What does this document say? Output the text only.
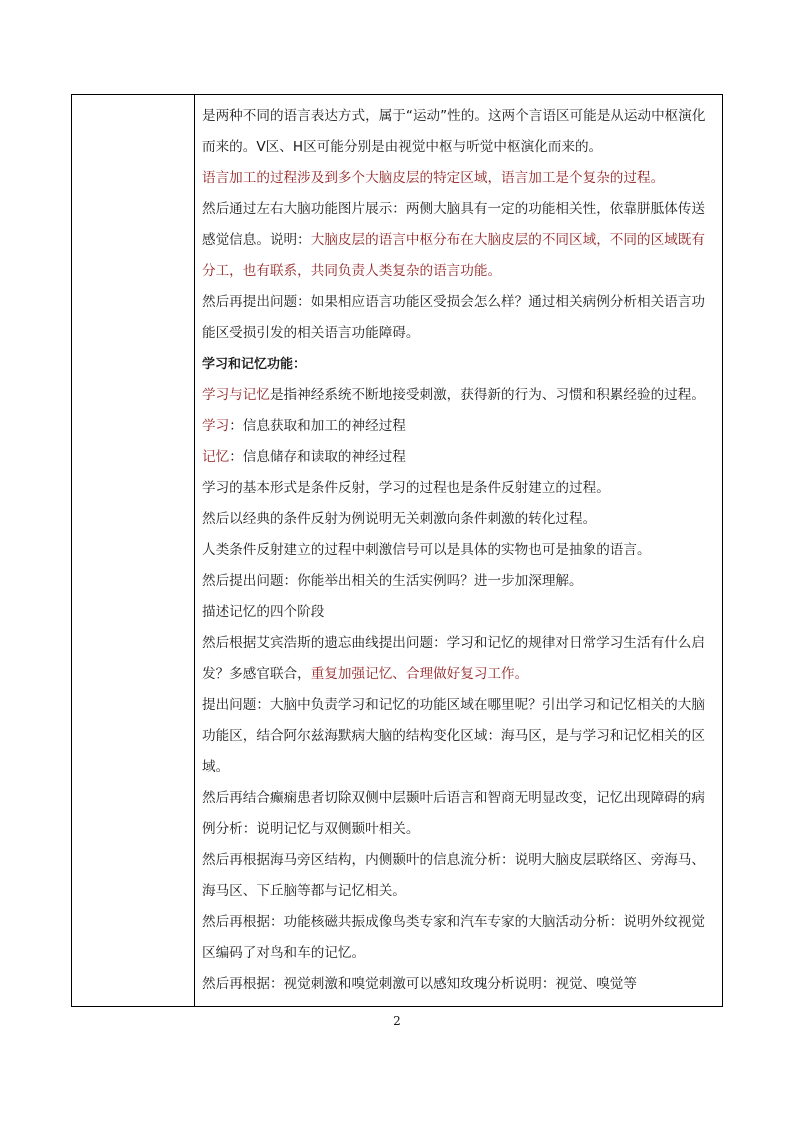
是两种不同的语言表达方式，属于“运动”性的。这两个言语区可能是从运动中枢演化而来的。V区、H区可能分别是由视觉中枢与听觉中枢演化而来的。

语言加工的过程涉及到多个大脑皮层的特定区域，语言加工是个复杂的过程。

然后通过左右大脑功能图片展示：两侧大脑具有一定的功能相关性，依靠胼胝体传送感觉信息。说明：大脑皮层的语言中枢分布在大脑皮层的不同区域，不同的区域既有分工，也有联系，共同负责人类复杂的语言功能。

然后再提出问题：如果相应语言功能区受损会怎么样？通过相关病例分析相关语言功能区受损引发的相关语言功能障碍。

学习和记忆功能：

学习与记忆是指神经系统不断地接受刺激，获得新的行为、习惯和积累经验的过程。

学习：信息获取和加工的神经过程

记忆：信息储存和读取的神经过程

学习的基本形式是条件反射，学习的过程也是条件反射建立的过程。

然后以经典的条件反射为例说明无关刺激向条件刺激的转化过程。

人类条件反射建立的过程中刺激信号可以是具体的实物也可是抽象的语言。

然后提出问题：你能举出相关的生活实例吗？进一步加深理解。

描述记忆的四个阶段

然后根据艾宾浩斯的遗忘曲线提出问题：学习和记忆的规律对日常学习生活有什么启发？多感官联合，重复加强记忆、合理做好复习工作。

提出问题：大脑中负责学习和记忆的功能区域在哪里呢？引出学习和记忆相关的大脑功能区，结合阿尔兹海默病大脑的结构变化区域：海马区，是与学习和记忆相关的区域。

然后再结合癫痫患者切除双侧中层颞叶后语言和智商无明显改变，记忆出现障碍的病例分析：说明记忆与双侧颞叶相关。

然后再根据海马旁区结构，内侧颞叶的信息流分析：说明大脑皮层联络区、旁海马、海马区、下丘脑等都与记忆相关。

然后再根据：功能核磁共振成像鸟类专家和汽车专家的大脑活动分析：说明外纹视觉区编码了对鸟和车的记忆。

然后再根据：视觉刺激和嗅觉刺激可以感知玫瑰分析说明：视觉、嗅觉等

2
